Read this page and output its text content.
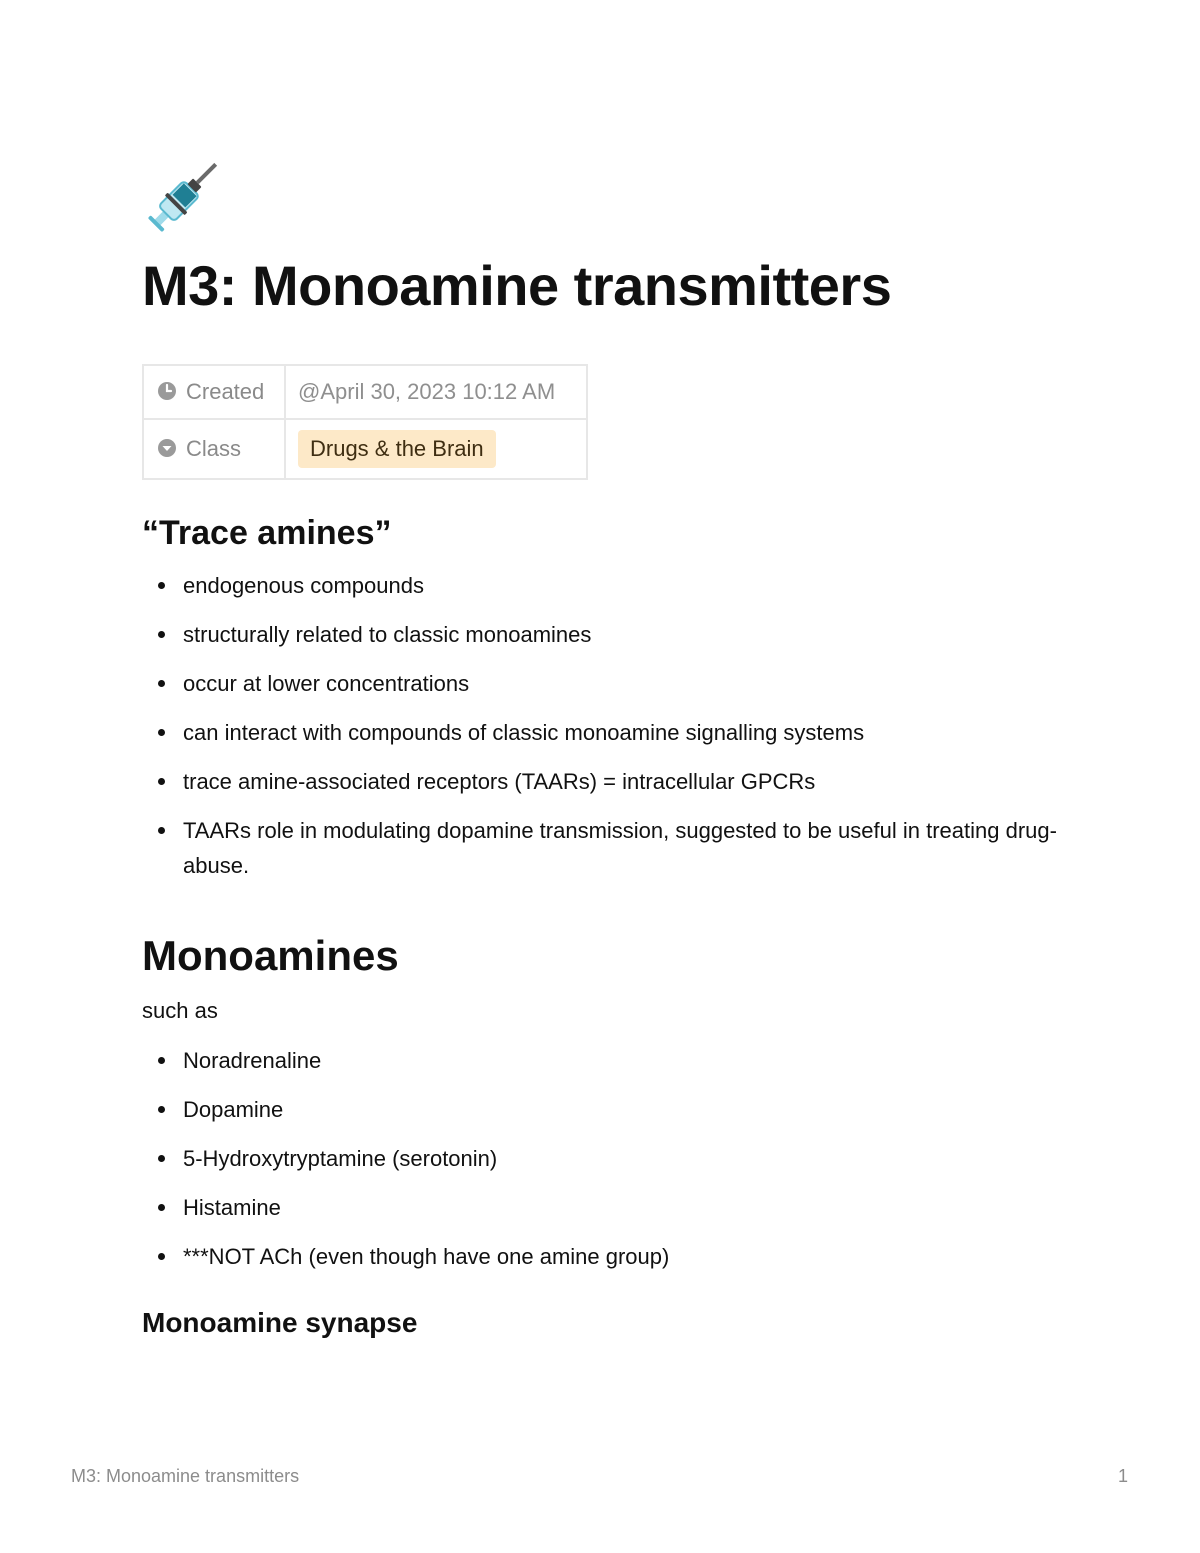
M3: Monoamine transmitters
Created	@April 30, 2023 10:12 AM
Class	Drugs & the Brain
“Trace amines”
endogenous compounds
structurally related to classic monoamines
occur at lower concentrations
can interact with compounds of classic monoamine signalling systems
trace amine-associated receptors (TAARs) = intracellular GPCRs
TAARs role in modulating dopamine transmission, suggested to be useful in treating drug-abuse.
Monoamines

such as

Noradrenaline
Dopamine
5-Hydroxytryptamine (serotonin)
Histamine
***NOT ACh (even though have one amine group)
Monoamine synapse
M3: Monoamine transmitters	1
